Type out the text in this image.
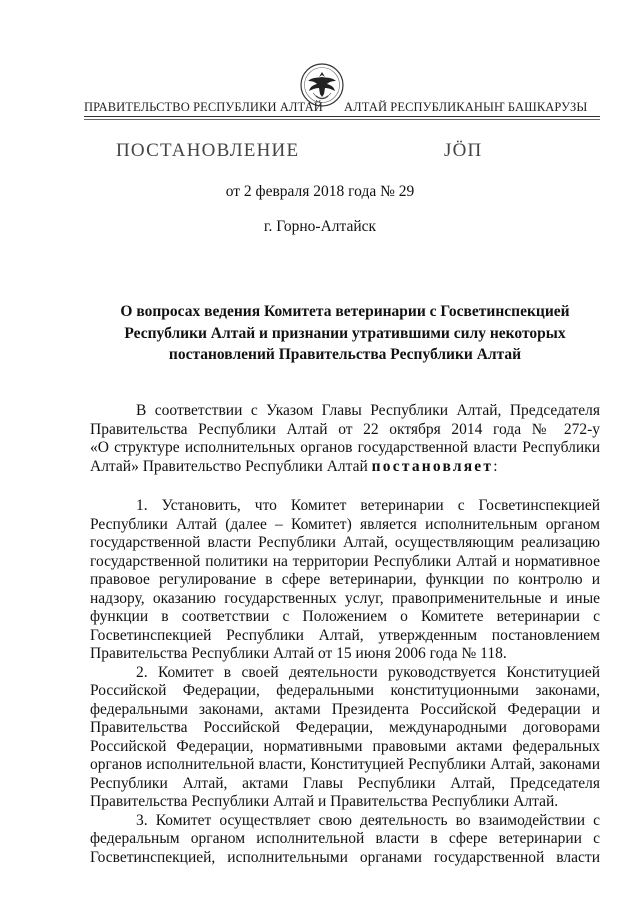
ПРАВИТЕЛЬСТВО РЕСПУБЛИКИ АЛТАЙ АЛТАЙ РЕСПУБЛИКАНЫҤ БАШКАРУЗЫ
ПОСТАНОВЛЕНИЕ	ЈӦП
от 2 февраля 2018 года № 29
г. Горно-Алтайск
О вопросах ведения Комитета ветеринарии с Госветинспекцией
Республики Алтай и признании утратившими силу некоторых
постановлений Правительства Республики Алтай
В соответствии с Указом Главы Республики Алтай, Председателя
Правительства Республики Алтай от 22 октября 2014 года № 272-у
«О структуре исполнительных органов государственной власти Республики
Алтай» Правительство Республики Алтай постановляет:
1. Установить, что Комитет ветеринарии с Госветинспекцией
Республики Алтай (далее – Комитет) является исполнительным органом
государственной власти Республики Алтай, осуществляющим реализацию
государственной политики на территории Республики Алтай и нормативное
правовое регулирование в сфере ветеринарии, функции по контролю и
надзору, оказанию государственных услуг, правоприменительные и иные
функции в соответствии с Положением о Комитете ветеринарии с
Госветинспекцией Республики Алтай, утвержденным постановлением
Правительства Республики Алтай от 15 июня 2006 года № 118.
2. Комитет в своей деятельности руководствуется Конституцией
Российской Федерации, федеральными конституционными законами,
федеральными законами, актами Президента Российской Федерации и
Правительства Российской Федерации, международными договорами
Российской Федерации, нормативными правовыми актами федеральных
органов исполнительной власти, Конституцией Республики Алтай, законами
Республики Алтай, актами Главы Республики Алтай, Председателя
Правительства Республики Алтай и Правительства Республики Алтай.
3. Комитет осуществляет свою деятельность во взаимодействии с
федеральным органом исполнительной власти в сфере ветеринарии с
Госветинспекцией, исполнительными органами государственной власти
